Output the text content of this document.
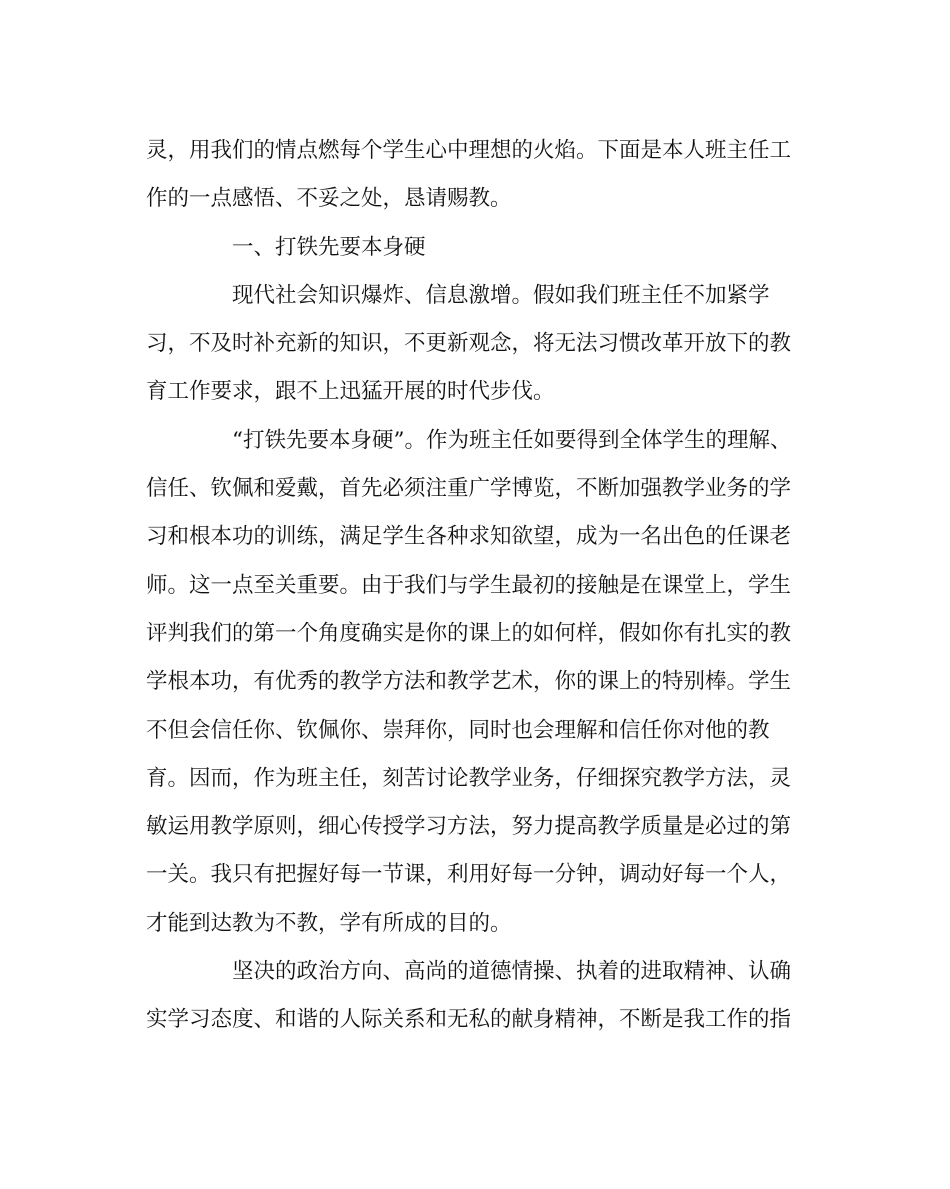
灵，用我们的情点燃每个学生心中理想的火焰。下面是本人班主任工

作的一点感悟、不妥之处，恳请赐教。

一、打铁先要本身硬

现代社会知识爆炸、信息激增。假如我们班主任不加紧学

习，不及时补充新的知识，不更新观念，将无法习惯改革开放下的教

育工作要求，跟不上迅猛开展的时代步伐。

“打铁先要本身硬”。作为班主任如要得到全体学生的理解、

信任、钦佩和爱戴，首先必须注重广学博览，不断加强教学业务的学

习和根本功的训练，满足学生各种求知欲望，成为一名出色的任课老

师。这一点至关重要。由于我们与学生最初的接触是在课堂上，学生

评判我们的第一个角度确实是你的课上的如何样，假如你有扎实的教

学根本功，有优秀的教学方法和教学艺术，你的课上的特别棒。学生

不但会信任你、钦佩你、崇拜你，同时也会理解和信任你对他的教

育。因而，作为班主任，刻苦讨论教学业务，仔细探究教学方法，灵

敏运用教学原则，细心传授学习方法，努力提高教学质量是必过的第

一关。我只有把握好每一节课，利用好每一分钟，调动好每一个人，

才能到达教为不教，学有所成的目的。

坚决的政治方向、高尚的道德情操、执着的进取精神、认确

实学习态度、和谐的人际关系和无私的献身精神，不断是我工作的指
